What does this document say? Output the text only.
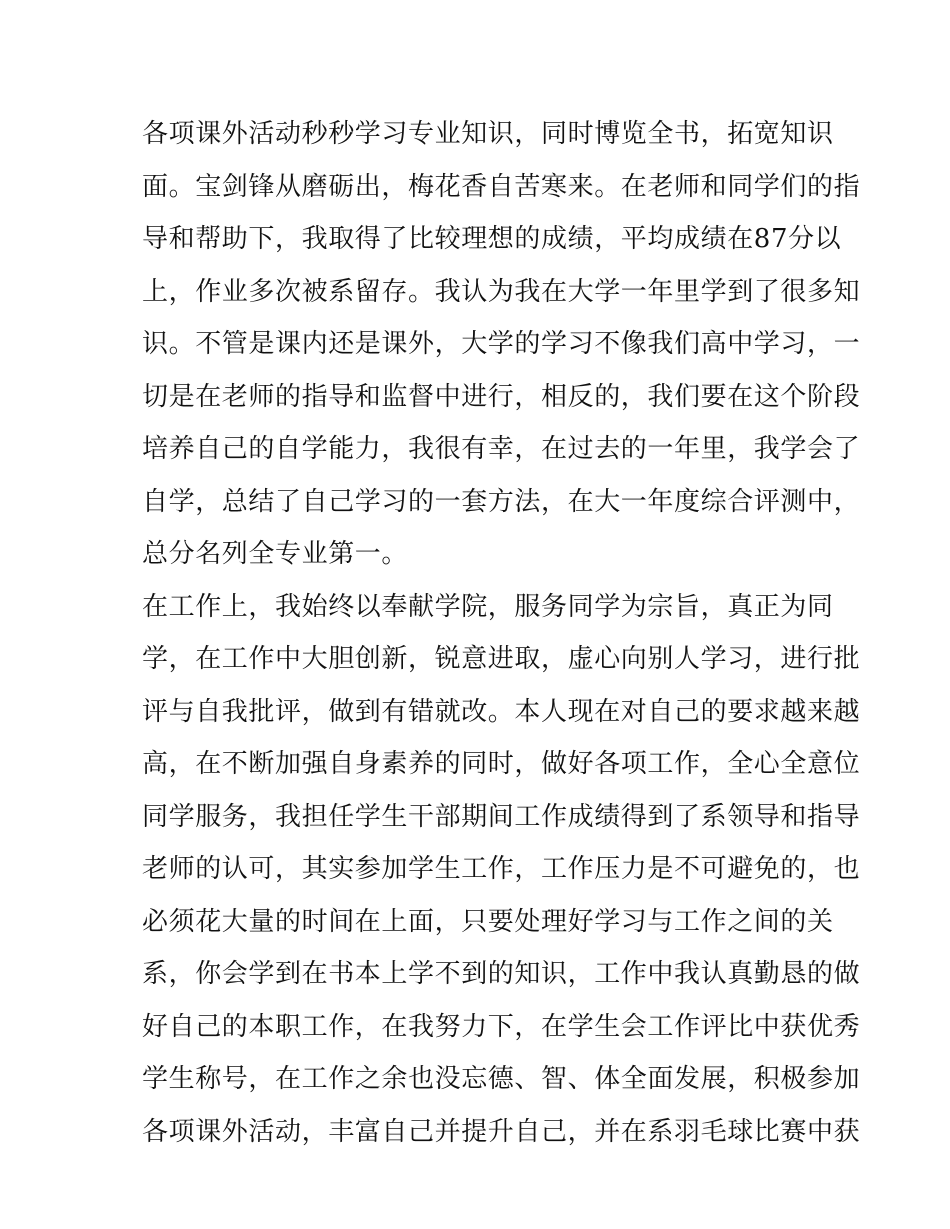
各项课外活动秒秒学习专业知识，同时博览全书，拓宽知识
面。宝剑锋从磨砺出，梅花香自苦寒来。在老师和同学们的指
导和帮助下，我取得了比较理想的成绩，平均成绩在87分以
上，作业多次被系留存。我认为我在大学一年里学到了很多知
识。不管是课内还是课外，大学的学习不像我们高中学习，一
切是在老师的指导和监督中进行，相反的，我们要在这个阶段
培养自己的自学能力，我很有幸，在过去的一年里，我学会了
自学，总结了自己学习的一套方法，在大一年度综合评测中，
总分名列全专业第一。
在工作上，我始终以奉献学院，服务同学为宗旨，真正为同
学，在工作中大胆创新，锐意进取，虚心向别人学习，进行批
评与自我批评，做到有错就改。本人现在对自己的要求越来越
高，在不断加强自身素养的同时，做好各项工作，全心全意位
同学服务，我担任学生干部期间工作成绩得到了系领导和指导
老师的认可，其实参加学生工作，工作压力是不可避免的，也
必须花大量的时间在上面，只要处理好学习与工作之间的关
系，你会学到在书本上学不到的知识，工作中我认真勤恳的做
好自己的本职工作，在我努力下，在学生会工作评比中获优秀
学生称号，在工作之余也没忘德、智、体全面发展，积极参加
各项课外活动，丰富自己并提升自己，并在系羽毛球比赛中获
